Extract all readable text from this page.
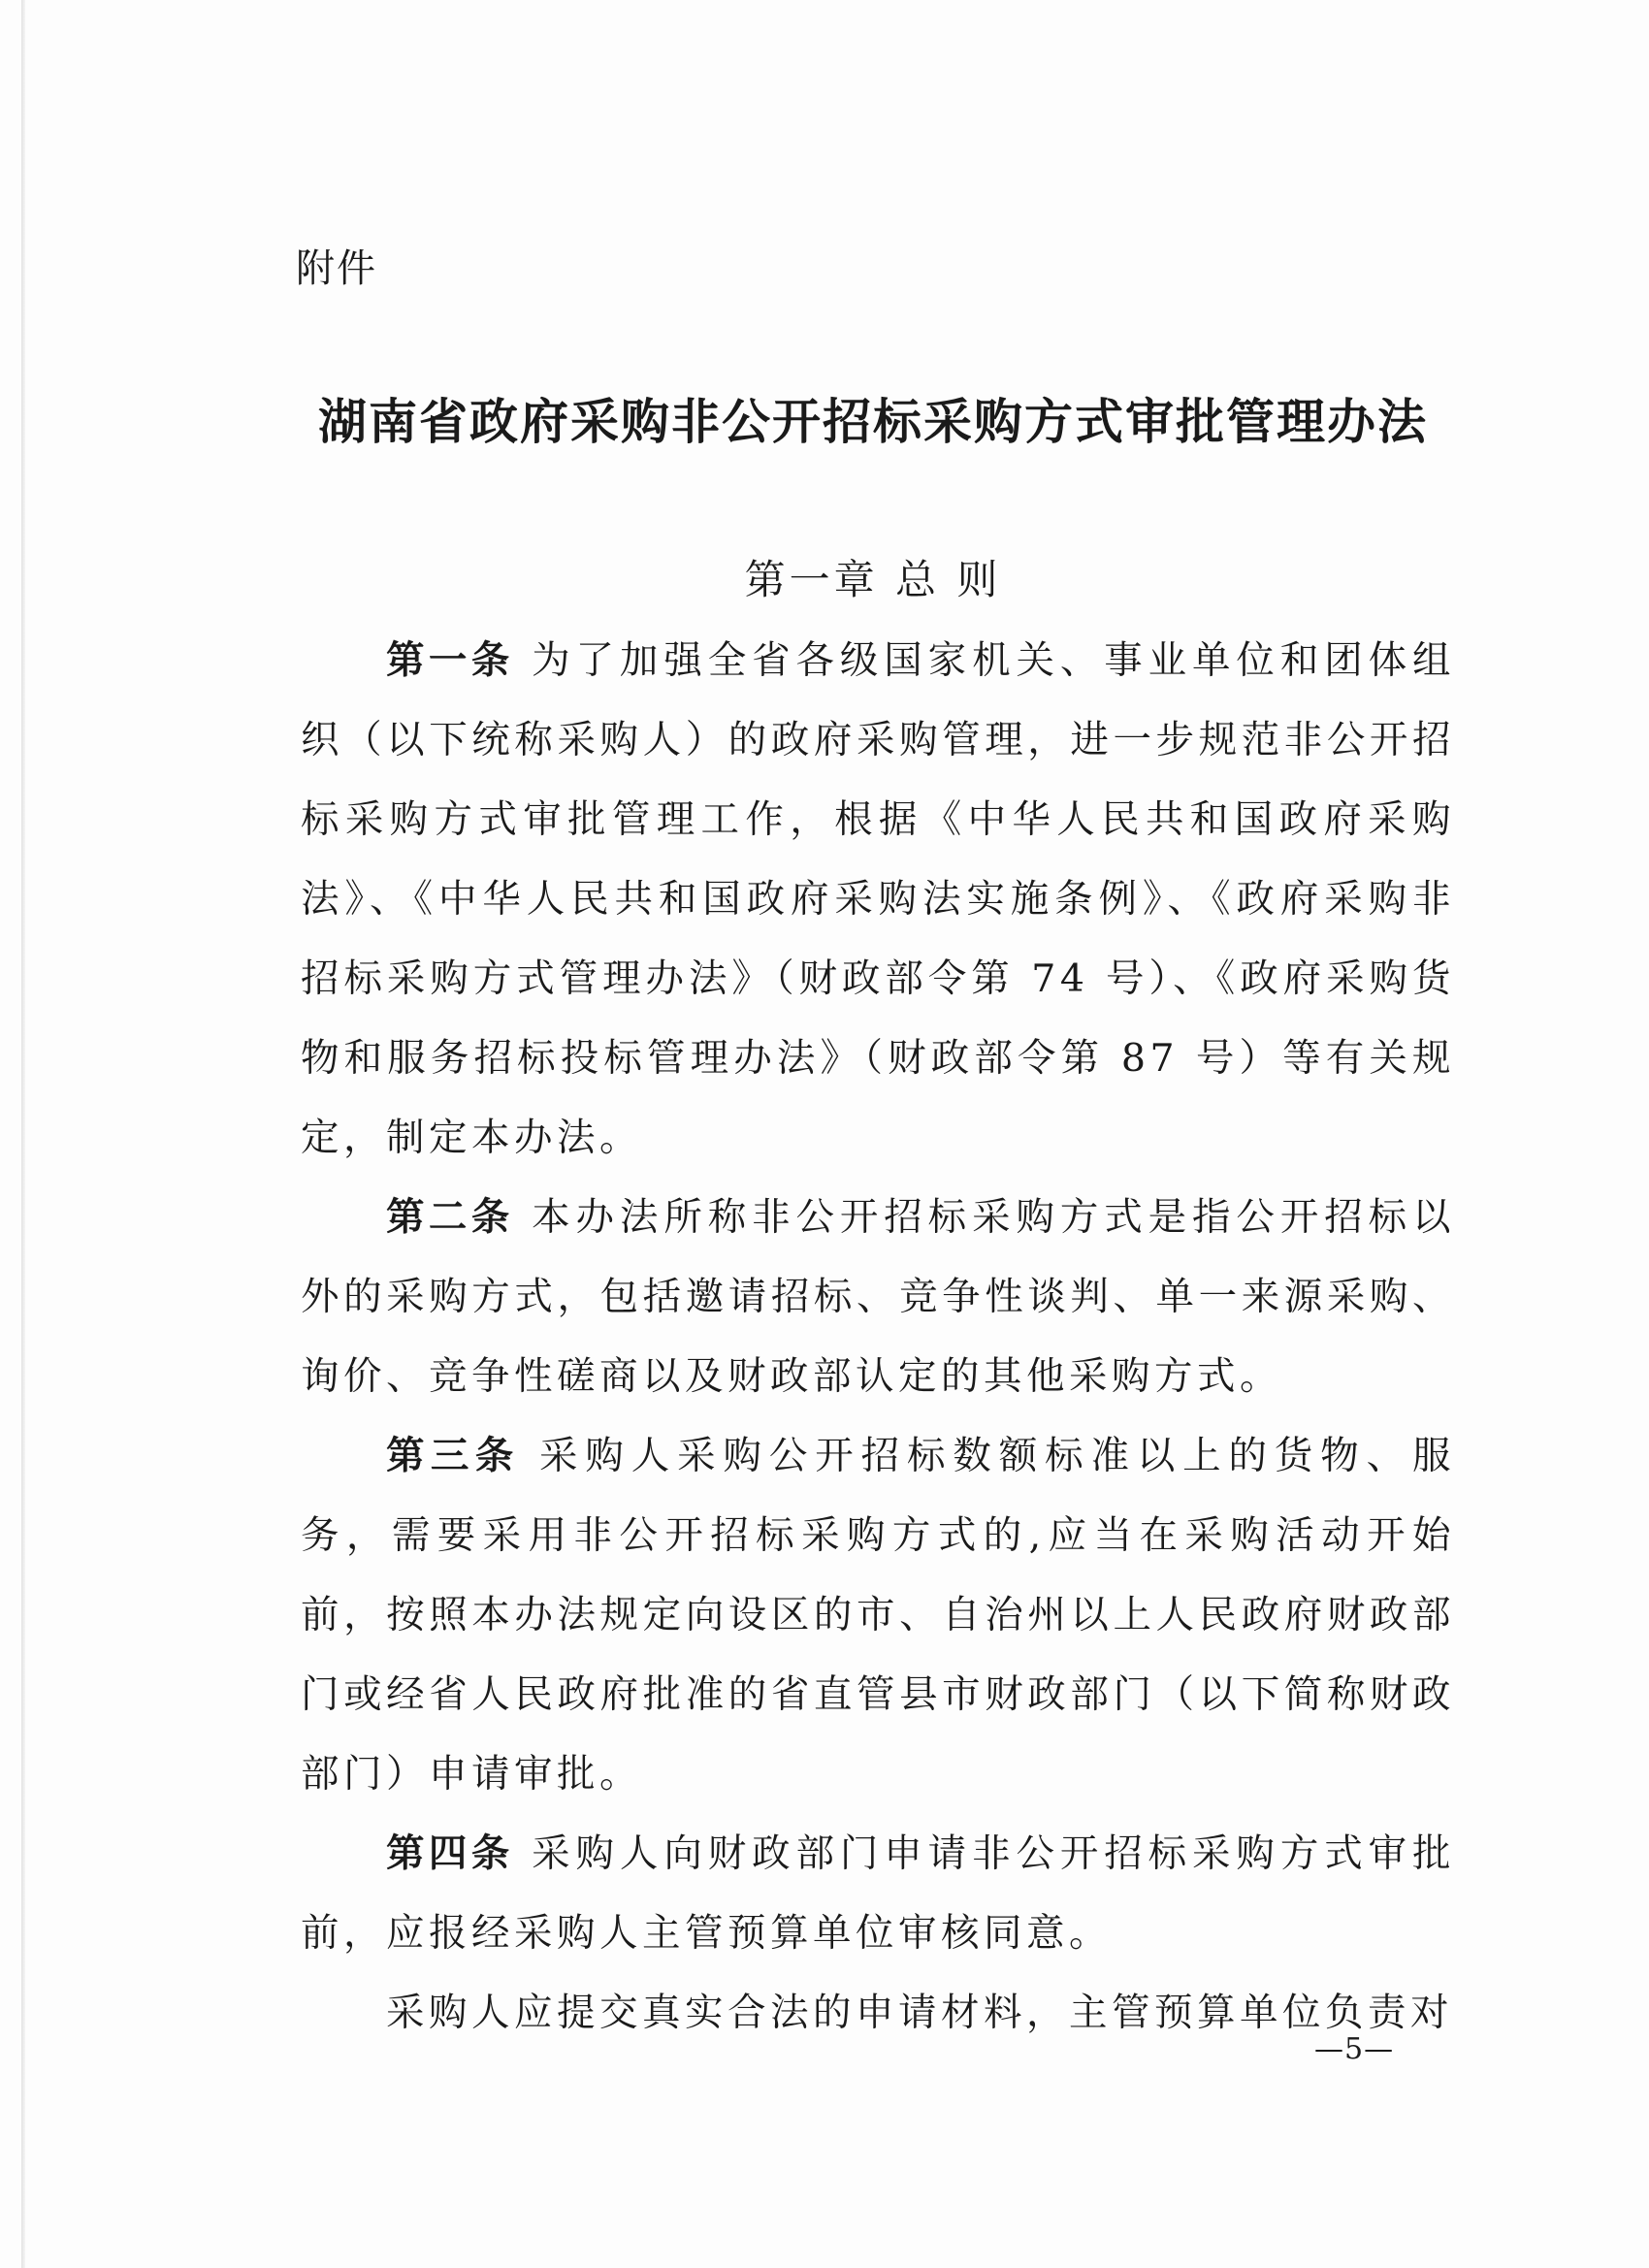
附件
湖南省政府采购非公开招标采购方式审批管理办法
第一章 总 则

第一条 为了加强全省各级国家机关、事业单位和团体组织（以下统称采购人）的政府采购管理，进一步规范非公开招标采购方式审批管理工作，根据《中华人民共和国政府采购法》、《中华人民共和国政府采购法实施条例》、《政府采购非招标采购方式管理办法》（财政部令第 74 号）、《政府采购货物和服务招标投标管理办法》（财政部令第 87 号）等有关规定，制定本办法。

第二条 本办法所称非公开招标采购方式是指公开招标以外的采购方式，包括邀请招标、竞争性谈判、单一来源采购、询价、竞争性磋商以及财政部认定的其他采购方式。

第三条 采购人采购公开招标数额标准以上的货物、服务，需要采用非公开招标采购方式的,应当在采购活动开始前，按照本办法规定向设区的市、自治州以上人民政府财政部门或经省人民政府批准的省直管县市财政部门（以下简称财政部门）申请审批。

第四条 采购人向财政部门申请非公开招标采购方式审批前，应报经采购人主管预算单位审核同意。

采购人应提交真实合法的申请材料，主管预算单位负责对

—5—
